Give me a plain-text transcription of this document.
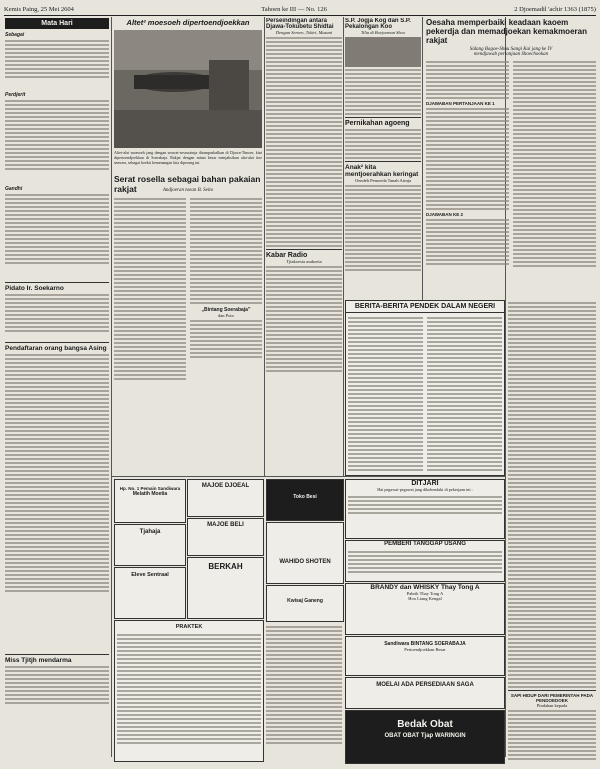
Kemis Paing, 25 Mei 2604	Tahoen ke III — No. 126	2 Djoemadil 'achir 1363 (1875)
Mata Hari
Sebagai
Perdjerit
Gandhi
Pidato Ir. Soekarno
Pendaftaran orang bangsa Asing
Miss Tjitjh mendarma
Altet² moesoeh dipertoendjoekkan
Altet-alat moesoeh jang dengan seawat-sesawatnja dirampasbalkan di Djawa-Timoer, kini dipertoendjoekkan di Soerabaja. Rakjat dengan minat besar menjaksikan alat-alat itoe semoea, sebagai boekti kemenangan kita diperang ini.
Serat rosella sebagai bahan pakaian rakjat	Andjoeran toean B. Seito
„Bintang Soerabaja”
dan Poto
Perseindingan antara Djawa-Tokubetu Shidtai
Dengan Seroen, Tokiri, Masani
Kabar Radio
Tjiakoesia asakoeia
S.P. Jogja Kog dan S.P. Pekalongan Koo
Tilia di Boejoeman Shoo
Pernikahan agoeng
Anak² kita mentjoerahkan keringat
Oendeh Pemoeda Tanah Airnja
BERITA-BERITA PENDEK DALAM NEGERI
Oesaha memperbaiki keadaan kaoem pekerdja dan memadjoekan kemakmoeran rakjat
Sidang Bagoe-Shuu Sangi Kai jang ke IV
mendjawab pertanjaan Shoechookan
DJAWABAN PERTANJAAN KE 1
DJAWABAN KE 2
SAPI HIDUP DARI PEMERINTAH PADA PENDOEDOEK
Pindahan kepada
Hp. No. 1 Pemain Sandiwara
Melatih Moetia
Tjahaja
Eleve Sentraal
PRAKTEK
MAJOE DJOEAL
MAJOE BELI
BERKAH
Toko Besi
WAHIDO SHOTEN
Kwisaj Ganeng
DITJARI
Hai pegawai-pegawai jang dikehendaki di pekerjaan ini :
PEMBERI TANGGAP USANG
BRANDY dan WHISKY Thay Tong A
Pabrik Thay Tong A
Hoo Liang Kengal
Sandiwara BINTANG SOERABAJA
Pertoendjoekkan Besar
MOELAI ADA PERSEDIAAN SAGA
Bedak Obat
OBAT OBAT Tjap WARINGIN
